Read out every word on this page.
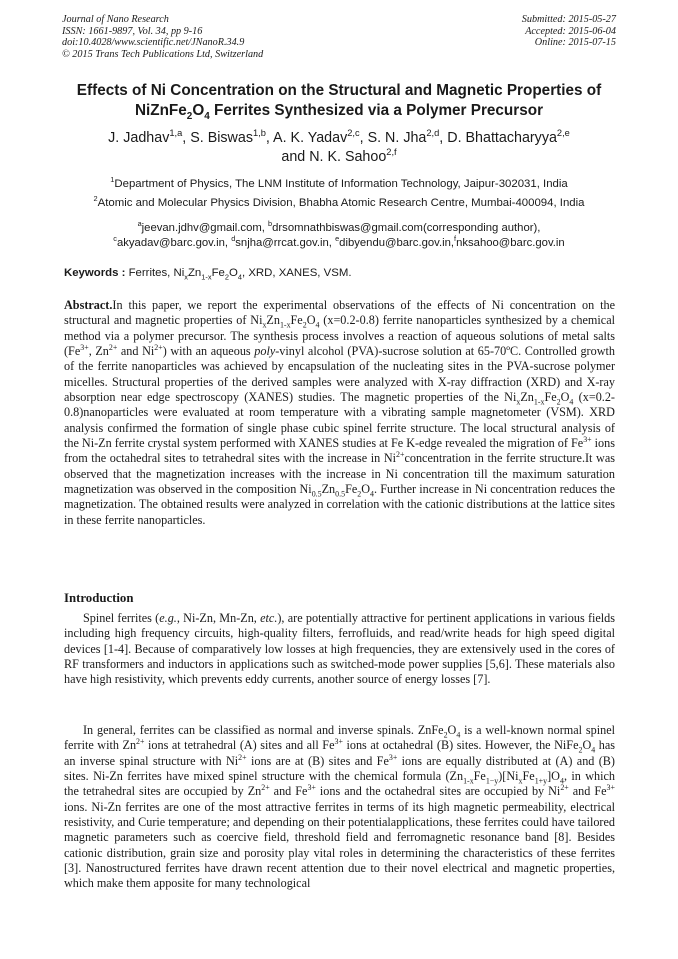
Journal of Nano Research
ISSN: 1661-9897, Vol. 34, pp 9-16
doi:10.4028/www.scientific.net/JNanoR.34.9
© 2015 Trans Tech Publications Ltd, Switzerland
Submitted: 2015-05-27
Accepted: 2015-06-04
Online: 2015-07-15
Effects of Ni Concentration on the Structural and Magnetic Properties of
$NiZnFe_2O_4$ Ferrites Synthesized via a Polymer Precursor
J. Jadhav$^{1,a}$, S. Biswas$^{1,b}$, A. K. Yadav$^{2,c}$, S. N. Jha$^{2,d}$, D. Bhattacharyya$^{2,e}$
and N. K. Sahoo$^{2,f}$
$^1$Department of Physics, The LNM Institute of Information Technology, Jaipur-302031, India
$^2$Atomic and Molecular Physics Division, Bhabha Atomic Research Centre, Mumbai-400094, India
$^a$jeevan.jdhv@gmail.com, $^b$drsomnathbiswas@gmail.com(corresponding author),
$^c$akyadav@barc.gov.in, $^d$snjha@rrcat.gov.in, $^e$dibyendu@barc.gov.in,$^f$nksahoo@barc.gov.in
Keywords : Ferrites, $Ni_xZn_{1-x}Fe_2O_4$, XRD, XANES, VSM.
Abstract.In this paper, we report the experimental observations of the effects of Ni concentration on the structural and magnetic properties of $Ni_xZn_{1-x}Fe_2O_4$ (x=0.2-0.8) ferrite nanoparticles synthesized by a chemical method via a polymer precursor. The synthesis process involves a reaction of aqueous solutions of metal salts ($Fe^{3+}$, $Zn^{2+}$ and $Ni^{2+}$) with an aqueous poly-vinyl alcohol (PVA)-sucrose solution at 65-70ºC. Controlled growth of the ferrite nanoparticles was achieved by encapsulation of the nucleating sites in the PVA-sucrose polymer micelles. Structural properties of the derived samples were analyzed with X-ray diffraction (XRD) and X-ray absorption near edge spectroscopy (XANES) studies. The magnetic properties of the $Ni_xZn_{1-x}Fe_2O_4$ (x=0.2-0.8)nanoparticles were evaluated at room temperature with a vibrating sample magnetometer (VSM). XRD analysis confirmed the formation of single phase cubic spinel ferrite structure. The local structural analysis of the Ni-Zn ferrite crystal system performed with XANES studies at Fe K-edge revealed the migration of $Fe^{3+}$ ions from the octahedral sites to tetrahedral sites with the increase in $Ni^{2+}concentration$ in the ferrite structure.It was observed that the magnetization increases with the increase in Ni concentration till the maximum saturation magnetization was observed in the composition $Ni_{0.5}Zn_{0.5}Fe_2O_4$. Further increase in Ni concentration reduces the magnetization. The obtained results were analyzed in correlation with the cationic distributions at the lattice sites in these ferrite nanoparticles.
Introduction
Spinel ferrites (e.g., Ni-Zn, Mn-Zn, etc.), are potentially attractive for pertinent applications in various fields including high frequency circuits, high-quality filters, ferrofluids, and read/write heads for high speed digital devices [1-4]. Because of comparatively low losses at high frequencies, they are extensively used in the cores of RF transformers and inductors in applications such as switched-mode power supplies [5,6]. These materials also have high resistivity, which prevents eddy currents, another source of energy losses [7].
In general, ferrites can be classified as normal and inverse spinals. $ZnFe_2O_4$ is a well-known normal spinel ferrite with $Zn^{2+}$ ions at tetrahedral (A) sites and all $Fe^{3+}$ ions at octahedral (B) sites. However, the $NiFe_2O_4$ has an inverse spinal structure with $Ni^{2+}$ ions are at (B) sites and $Fe^{3+}$ ions are equally distributed at (A) and (B) sites. Ni-Zn ferrites have mixed spinel structure with the chemical formula $(Zn_{1-x}Fe_{1-y})[Ni_xFe_{1+y}]O_4$, in which the tetrahedral sites are occupied by $Zn^{2+}$ and $Fe^{3+}$ ions and the octahedral sites are occupied by $Ni^{2+}$ and $Fe^{3+}$ ions. Ni-Zn ferrites are one of the most attractive ferrites in terms of its high magnetic permeability, electrical resistivity, and Curie temperature; and depending on their potentialapplications, these ferrites could have tailored magnetic parameters such as coercive field, threshold field and ferromagnetic resonance band [8]. Besides cationic distribution, grain size and porosity play vital roles in determining the characteristics of these ferrites [3]. Nanostructured ferrites have drawn recent attention due to their novel electrical and magnetic properties, which make them apposite for many technological
